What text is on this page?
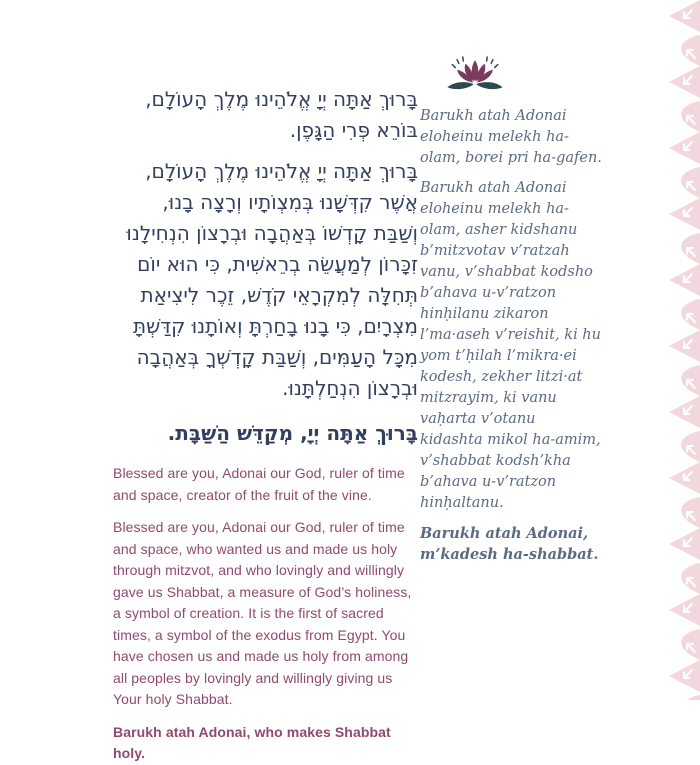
בָּרוּךְ אַתָּה יְיָ אֱלֹהֵינוּ מֶלֶךְ הָעוֹלָם, בּוֹרֵא פְּרִי הַגָּפֶן.

בָּרוּךְ אַתָּה יְיָ אֱלֹהֵינוּ מֶלֶךְ הָעוֹלָם, אֲשֶׁר קִדְּשָׁנוּ בְּמִצְוֹתָיו וְרָצָה בָנוּ, וְשַׁבַּת קָדְשׁוֹ בְּאַהֲבָה וּבְרָצוֹן הִנְחִילָנוּ זִכָּרוֹן לְמַעֲשֵׂה בְרֵאשִׁית, כִּי הוּא יוֹם תְּחִלָּה לְמִקְרָאֵי קֹדֶשׁ, זֵכֶר לִיצִיאַת מִצְרָיִם, כִּי בָנוּ בָחַרְתָּ וְאוֹתָנוּ קִדַּשְׁתָּ מִכָּל הָעַמִּים, וְשַׁבַּת קָדְשְׁךָ בְּאַהֲבָה וּבְרָצוֹן הִנְחַלְתָּנוּ.

בָּרוּךְ אַתָּה יְיָ, מְקַדֵּשׁ הַשַּׁבָּת.

Blessed are you, Adonai our God, ruler of time and space, creator of the fruit of the vine.

Blessed are you, Adonai our God, ruler of time and space, who wanted us and made us holy through mitzvot, and who lovingly and willingly gave us Shabbat, a measure of God’s holiness, a symbol of creation. It is the first of sacred times, a symbol of the exodus from Egypt. You have chosen us and made us holy from among all peoples by lovingly and willingly giving us Your holy Shabbat.

Barukh atah Adonai, who makes Shabbat holy.

Barukh atah Adonai eloheinu melekh ha-olam, borei pri ha-gafen.

Barukh atah Adonai eloheinu melekh ha-olam, asher kidshanu b’mitzvotav v’ratzah vanu, v’shabbat kodsho b’ahava u-v’ratzon hinḥilanu zikaron l’ma·aseh v’reishit, ki hu yom t’ḥilah l’mikra·ei kodesh, zekher litzi·at mitzrayim, ki vanu vaḥarta v’otanu kidashta mikol ha-amim, v’shabbat kodsh’kha b’ahava u-v’ratzon hinḥaltanu.

Barukh atah Adonai, m’kadesh ha-shabbat.
